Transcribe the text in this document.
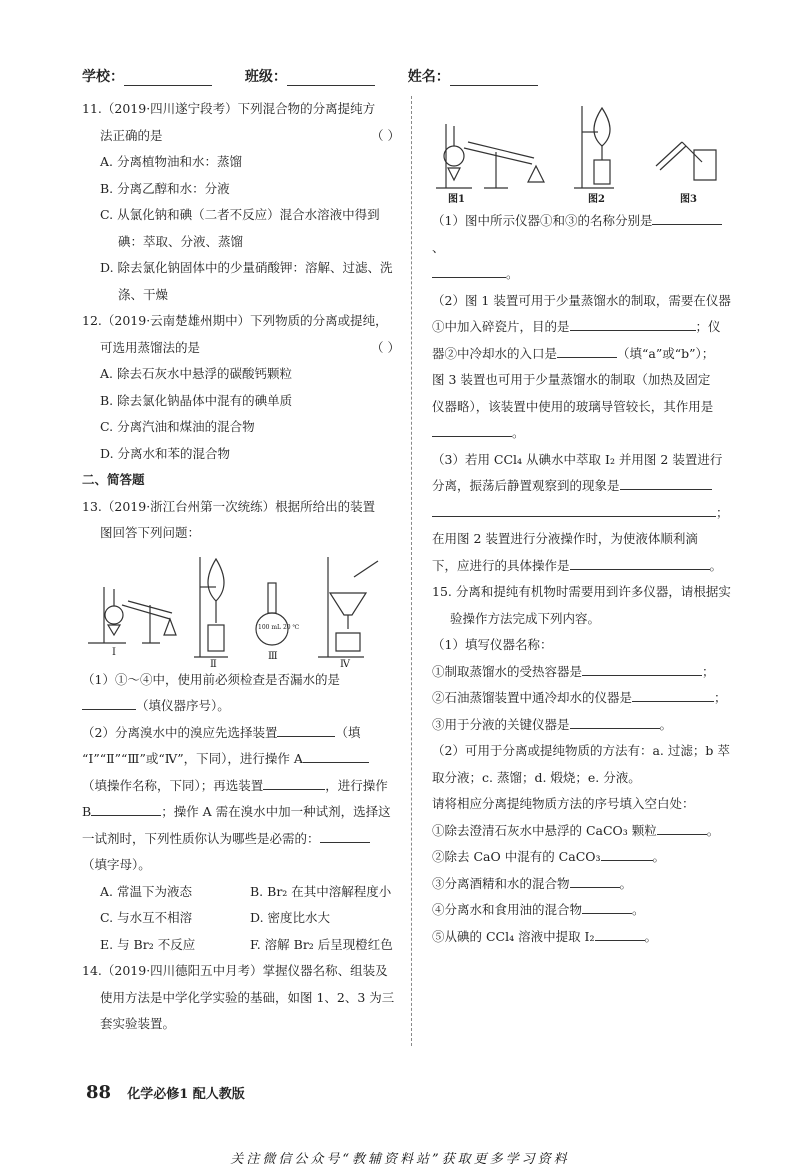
学校：	班级：	姓名：

11.（2019·四川遂宁段考）下列混合物的分离提纯方

法正确的是	（ ）

A. 分离植物油和水：蒸馏

B. 分离乙醇和水：分液

C. 从氯化钠和碘（二者不反应）混合水溶液中得到

碘：萃取、分液、蒸馏

D. 除去氯化钠固体中的少量硝酸钾：溶解、过滤、洗

涤、干燥

12.（2019·云南楚雄州期中）下列物质的分离或提纯，

可选用蒸馏法的是	（ ）

A. 除去石灰水中悬浮的碳酸钙颗粒

B. 除去氯化钠晶体中混有的碘单质

C. 分离汽油和煤油的混合物

D. 分离水和苯的混合物

二、简答题

13.（2019·浙江台州第一次统练）根据所给出的装置

图回答下列问题：

Ⅰ
Ⅱ
Ⅲ
Ⅳ
100 mL 20 ℃

（1）①～④中，使用前必须检查是否漏水的是

（填仪器序号）。

（2）分离溴水中的溴应先选择装置	（填

“Ⅰ”“Ⅱ”“Ⅲ”或“Ⅳ”，下同），进行操作 A

（填操作名称，下同）；再选装置	，进行操作

B	；操作 A 需在溴水中加一种试剂，选择这

一试剂时，下列性质你认为哪些是必需的：

（填字母）。

A. 常温下为液态	B. Br₂ 在其中溶解程度小

C. 与水互不相溶	D. 密度比水大

E. 与 Br₂ 不反应	F. 溶解 Br₂ 后呈现橙红色

14.（2019·四川德阳五中月考）掌握仪器名称、组装及

使用方法是中学化学实验的基础，如图 1、2、3 为三

套实验装置。

图1	图2	图3

（1）图中所示仪器①和③的名称分别是、

。

（2）图 1 装置可用于少量蒸馏水的制取，需要在仪器

①中加入碎瓷片，目的是	；仪

器②中冷却水的入口是	（填“a”或“b”）；

图 3 装置也可用于少量蒸馏水的制取（加热及固定

仪器略），该装置中使用的玻璃导管较长，其作用是

。

（3）若用 CCl₄ 从碘水中萃取 I₂ 并用图 2 装置进行

分离，振荡后静置观察到的现象是

；

在用图 2 装置进行分液操作时，为使液体顺利滴

下，应进行的具体操作是	。

15. 分离和提纯有机物时需要用到许多仪器，请根据实

验操作方法完成下列内容。

（1）填写仪器名称：

①制取蒸馏水的受热容器是	；

②石油蒸馏装置中通冷却水的仪器是	；

③用于分液的关键仪器是	。

（2）可用于分离或提纯物质的方法有：a. 过滤；b 萃

取分液；c. 蒸馏；d. 煅烧；e. 分液。

请将相应分离提纯物质方法的序号填入空白处：

①除去澄清石灰水中悬浮的 CaCO₃ 颗粒	。

②除去 CaO 中混有的 CaCO₃	。

③分离酒精和水的混合物	。

④分离水和食用油的混合物	。

⑤从碘的 CCl₄ 溶液中提取 I₂	。

88 化学必修1 配人教版
关注微信公众号“教辅资料站”获取更多学习资料
